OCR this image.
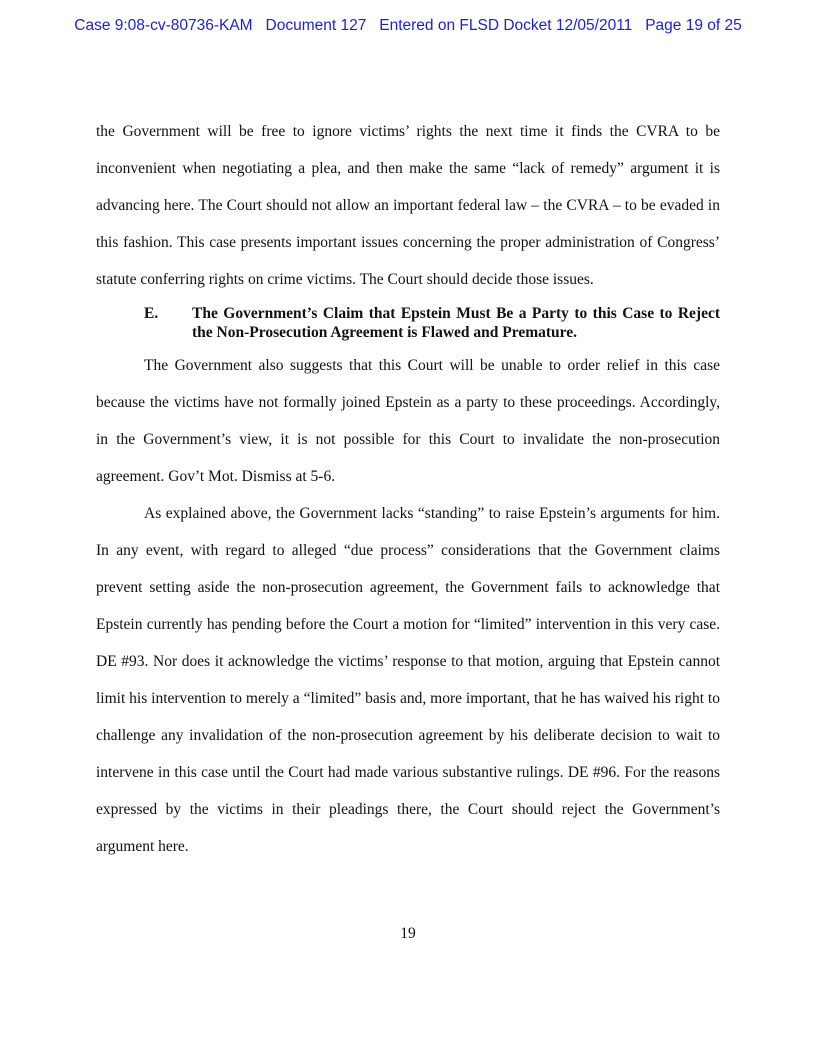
Case 9:08-cv-80736-KAM   Document 127   Entered on FLSD Docket 12/05/2011   Page 19 of 25

the Government will be free to ignore victims’ rights the next time it finds the CVRA to be inconvenient when negotiating a plea, and then make the same “lack of remedy” argument it is advancing here. The Court should not allow an important federal law – the CVRA – to be evaded in this fashion. This case presents important issues concerning the proper administration of Congress’ statute conferring rights on crime victims. The Court should decide those issues.

E.	The Government’s Claim that Epstein Must Be a Party to this Case to Reject the Non-Prosecution Agreement is Flawed and Premature.

The Government also suggests that this Court will be unable to order relief in this case because the victims have not formally joined Epstein as a party to these proceedings. Accordingly, in the Government’s view, it is not possible for this Court to invalidate the non-prosecution agreement. Gov’t Mot. Dismiss at 5-6.

As explained above, the Government lacks “standing” to raise Epstein’s arguments for him. In any event, with regard to alleged “due process” considerations that the Government claims prevent setting aside the non-prosecution agreement, the Government fails to acknowledge that Epstein currently has pending before the Court a motion for “limited” intervention in this very case. DE #93. Nor does it acknowledge the victims’ response to that motion, arguing that Epstein cannot limit his intervention to merely a “limited” basis and, more important, that he has waived his right to challenge any invalidation of the non-prosecution agreement by his deliberate decision to wait to intervene in this case until the Court had made various substantive rulings. DE #96. For the reasons expressed by the victims in their pleadings there, the Court should reject the Government’s argument here.

19
